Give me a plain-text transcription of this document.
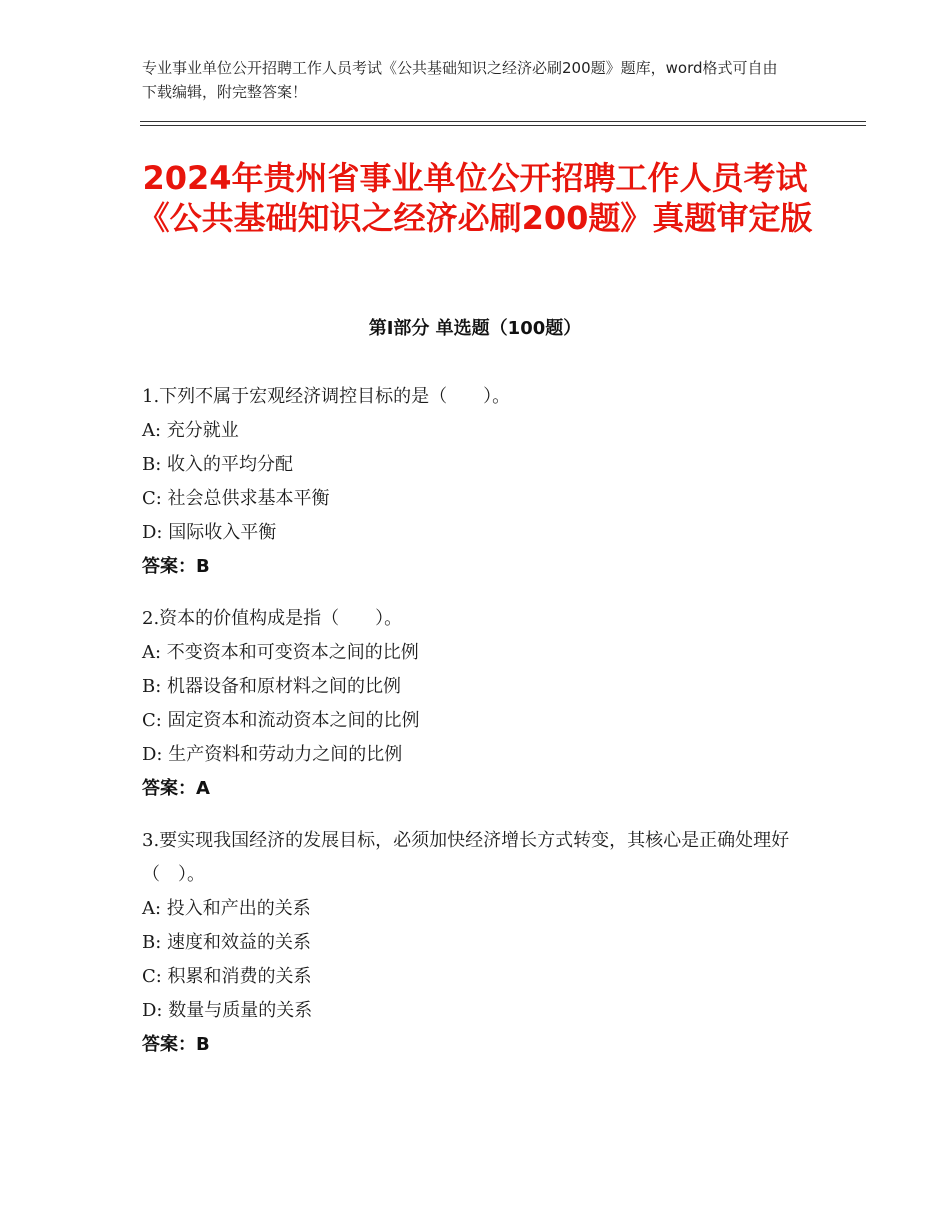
专业事业单位公开招聘工作人员考试《公共基础知识之经济必刷200题》题库，word格式可自由下载编辑，附完整答案！
2024年贵州省事业单位公开招聘工作人员考试《公共基础知识之经济必刷200题》真题审定版
第Ⅰ部分 单选题（100题）
1.下列不属于宏观经济调控目标的是（　　）。
A: 充分就业
B: 收入的平均分配
C: 社会总供求基本平衡
D: 国际收入平衡
答案：B
2.资本的价值构成是指（　　）。
A: 不变资本和可变资本之间的比例
B: 机器设备和原材料之间的比例
C: 固定资本和流动资本之间的比例
D: 生产资料和劳动力之间的比例
答案：A
3.要实现我国经济的发展目标，必须加快经济增长方式转变，其核心是正确处理好（　）。
A: 投入和产出的关系
B: 速度和效益的关系
C: 积累和消费的关系
D: 数量与质量的关系
答案：B
